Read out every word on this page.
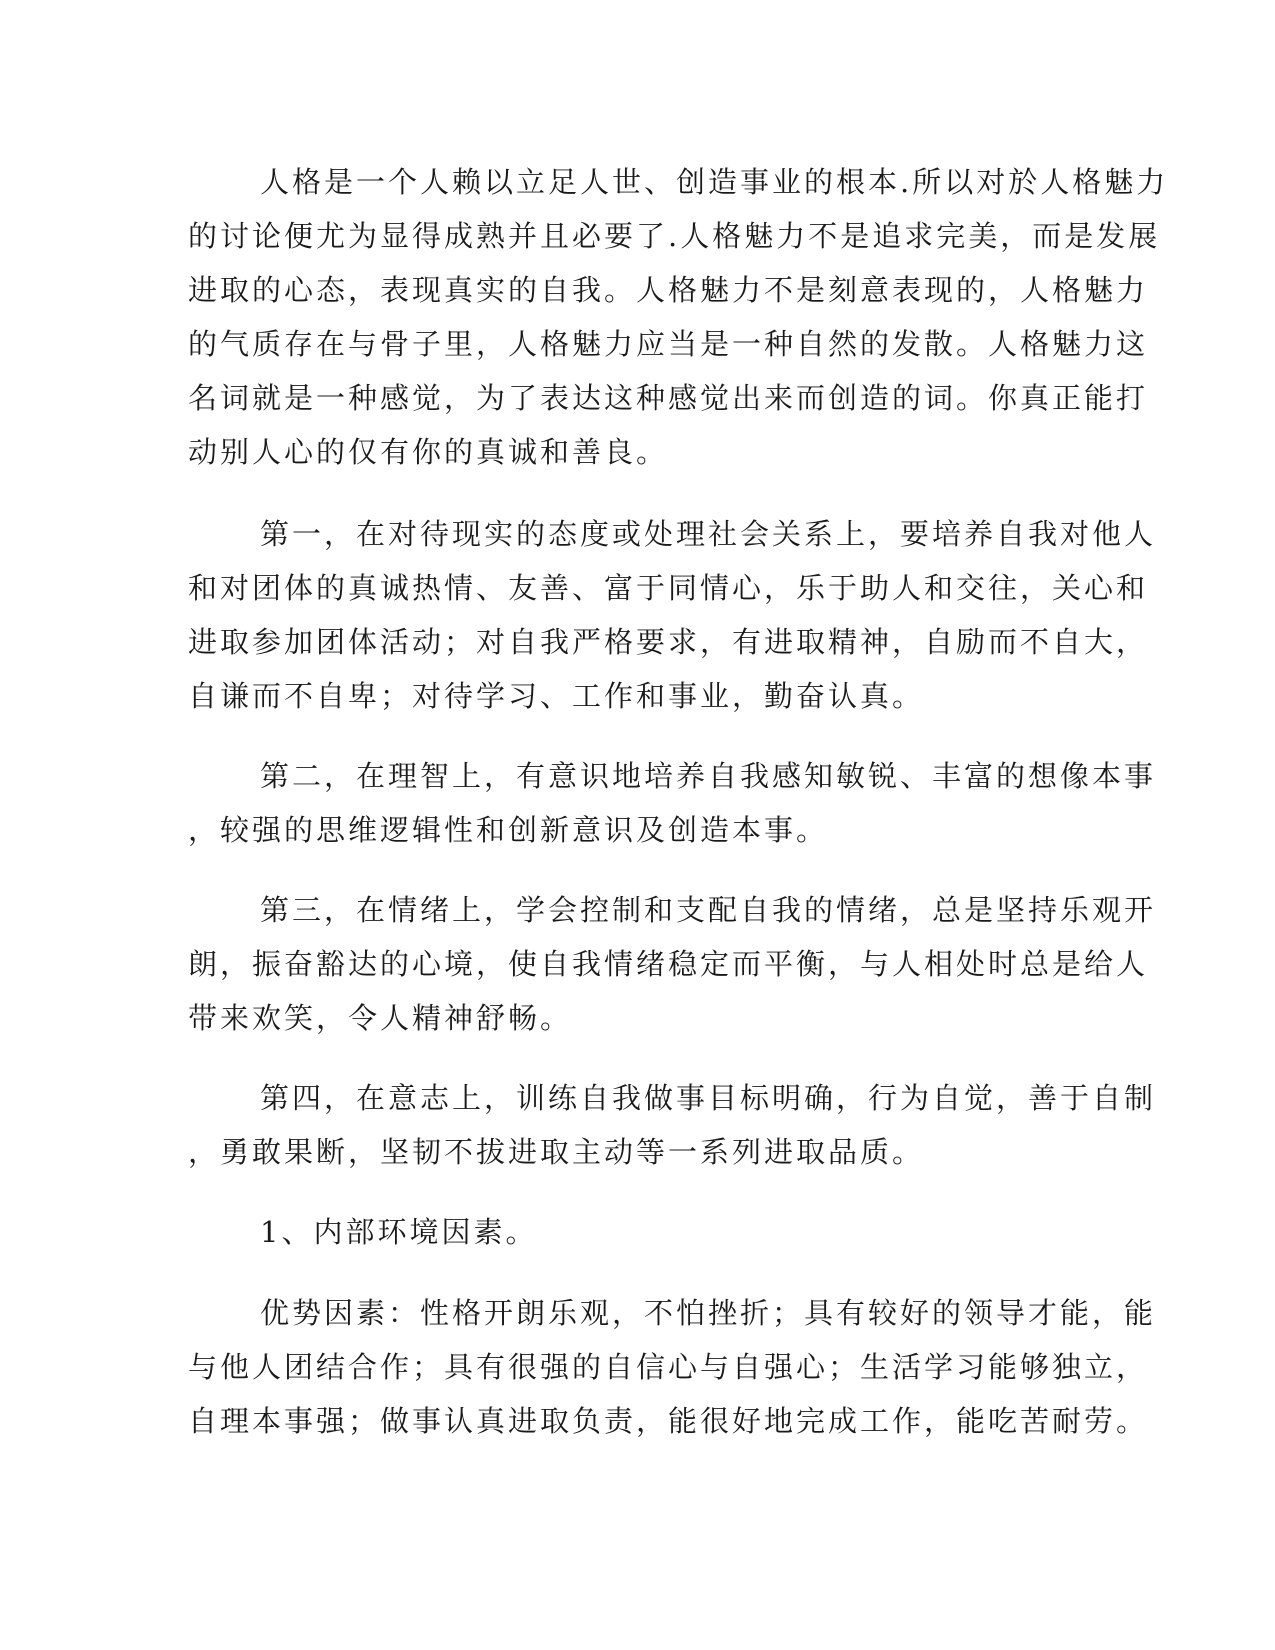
人格是一个人赖以立足人世、创造事业的根本.所以对於人格魅力
的讨论便尤为显得成熟并且必要了.人格魅力不是追求完美，而是发展
进取的心态，表现真实的自我。人格魅力不是刻意表现的，人格魅力
的气质存在与骨子里，人格魅力应当是一种自然的发散。人格魅力这
名词就是一种感觉，为了表达这种感觉出来而创造的词。你真正能打
动别人心的仅有你的真诚和善良。
第一，在对待现实的态度或处理社会关系上，要培养自我对他人
和对团体的真诚热情、友善、富于同情心，乐于助人和交往，关心和
进取参加团体活动；对自我严格要求，有进取精神，自励而不自大，
自谦而不自卑；对待学习、工作和事业，勤奋认真。
第二，在理智上，有意识地培养自我感知敏锐、丰富的想像本事
，较强的思维逻辑性和创新意识及创造本事。
第三，在情绪上，学会控制和支配自我的情绪，总是坚持乐观开
朗，振奋豁达的心境，使自我情绪稳定而平衡，与人相处时总是给人
带来欢笑，令人精神舒畅。
第四，在意志上，训练自我做事目标明确，行为自觉，善于自制
，勇敢果断，坚韧不拔进取主动等一系列进取品质。
1、内部环境因素。
优势因素：性格开朗乐观，不怕挫折；具有较好的领导才能，能
与他人团结合作；具有很强的自信心与自强心；生活学习能够独立，
自理本事强；做事认真进取负责，能很好地完成工作，能吃苦耐劳。
